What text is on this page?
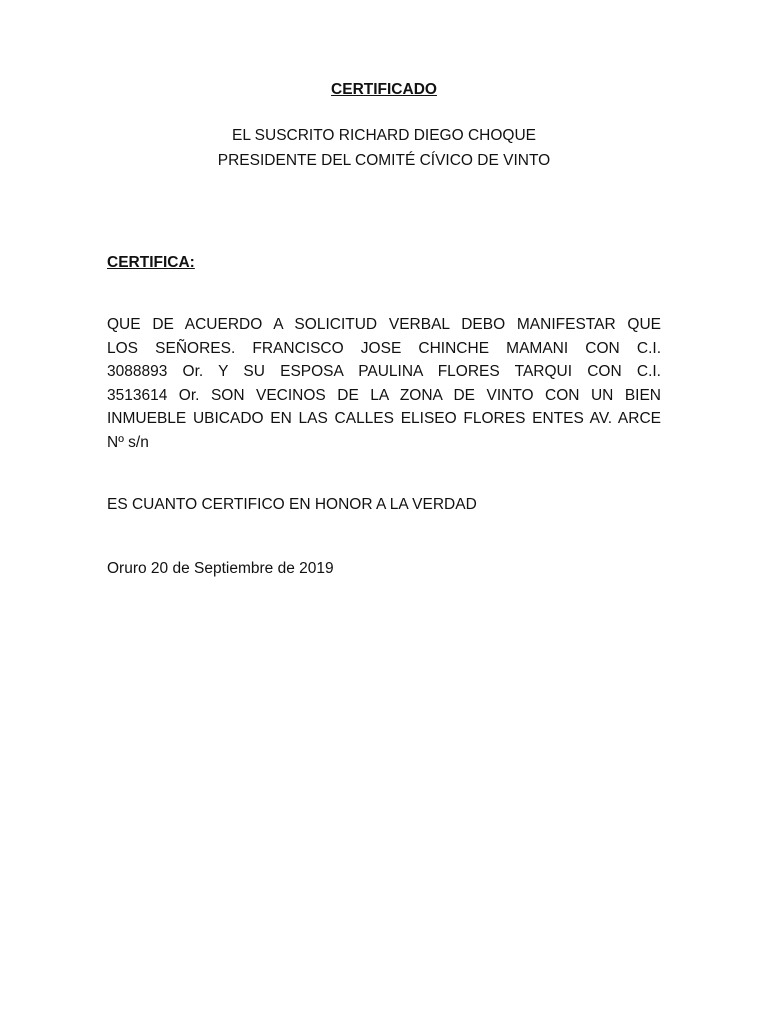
CERTIFICADO
EL SUSCRITO RICHARD DIEGO CHOQUE
PRESIDENTE DEL COMITÉ CÍVICO DE VINTO
CERTIFICA:
QUE DE ACUERDO A SOLICITUD VERBAL DEBO MANIFESTAR QUE
LOS SEÑORES. FRANCISCO JOSE CHINCHE MAMANI CON C.I.
3088893 Or. Y SU ESPOSA PAULINA FLORES TARQUI CON C.I.
3513614 Or. SON VECINOS DE LA ZONA DE VINTO CON UN BIEN
INMUEBLE UBICADO EN LAS CALLES ELISEO FLORES ENTES AV. ARCE
Nº s/n
ES CUANTO CERTIFICO EN HONOR A LA VERDAD
Oruro 20 de Septiembre de 2019
